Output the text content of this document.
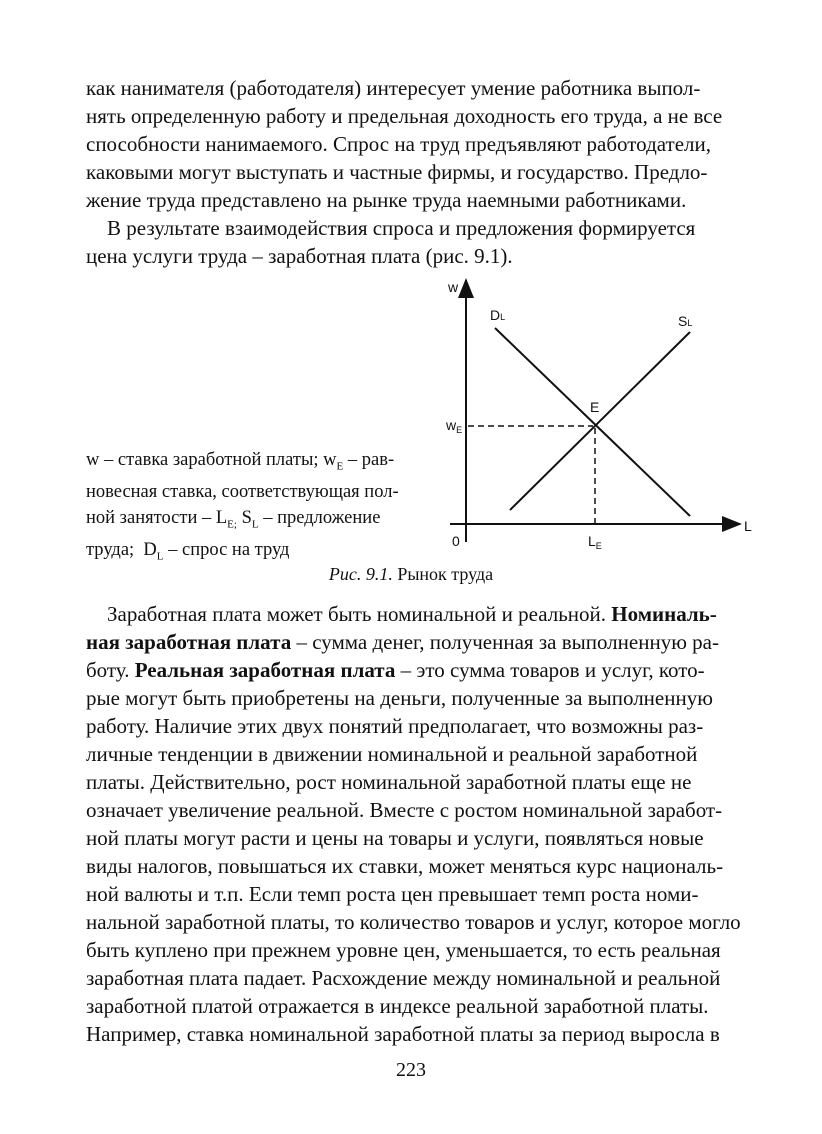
как нанимателя (работодателя) интересует умение работника выпол-
нять определенную работу и предельная доходность его труда, а не все
способности нанимаемого. Спрос на труд предъявляют работодатели,
каковыми могут выступать и частные фирмы, и государство. Предло-
жение труда представлено на рынке труда наемными работниками.
В результате взаимодействия спроса и предложения формируется
цена услуги труда – заработная плата (рис. 9.1).
w
L
0
DL	SL
E
$w_E$
$L_E$
w – ставка заработной платы; $w_E - рав-$
новесная ставка, соответствующая пол-
ной занятости – $L_{E;}$ $S_L$ – предложение
труда;  $D_L$ – спрос на труд
Рис. 9.1. Рынок труда
Заработная плата может быть номинальной и реальной. Номиналь-
ная заработная плата – сумма денег, полученная за выполненную ра-
боту. Реальная заработная плата – это сумма товаров и услуг, кото-
рые могут быть приобретены на деньги, полученные за выполненную
работу. Наличие этих двух понятий предполагает, что возможны раз-
личные тенденции в движении номинальной и реальной заработной
платы. Действительно, рост номинальной заработной платы еще не
означает увеличение реальной. Вместе с ростом номинальной заработ-
ной платы могут расти и цены на товары и услуги, появляться новые
виды налогов, повышаться их ставки, может меняться курс националь-
ной валюты и т.п. Если темп роста цен превышает темп роста номи-
нальной заработной платы, то количество товаров и услуг, которое могло
быть куплено при прежнем уровне цен, уменьшается, то есть реальная
заработная плата падает. Расхождение между номинальной и реальной
заработной платой отражается в индексе реальной заработной платы.
Например, ставка номинальной заработной платы за период выросла в
223
